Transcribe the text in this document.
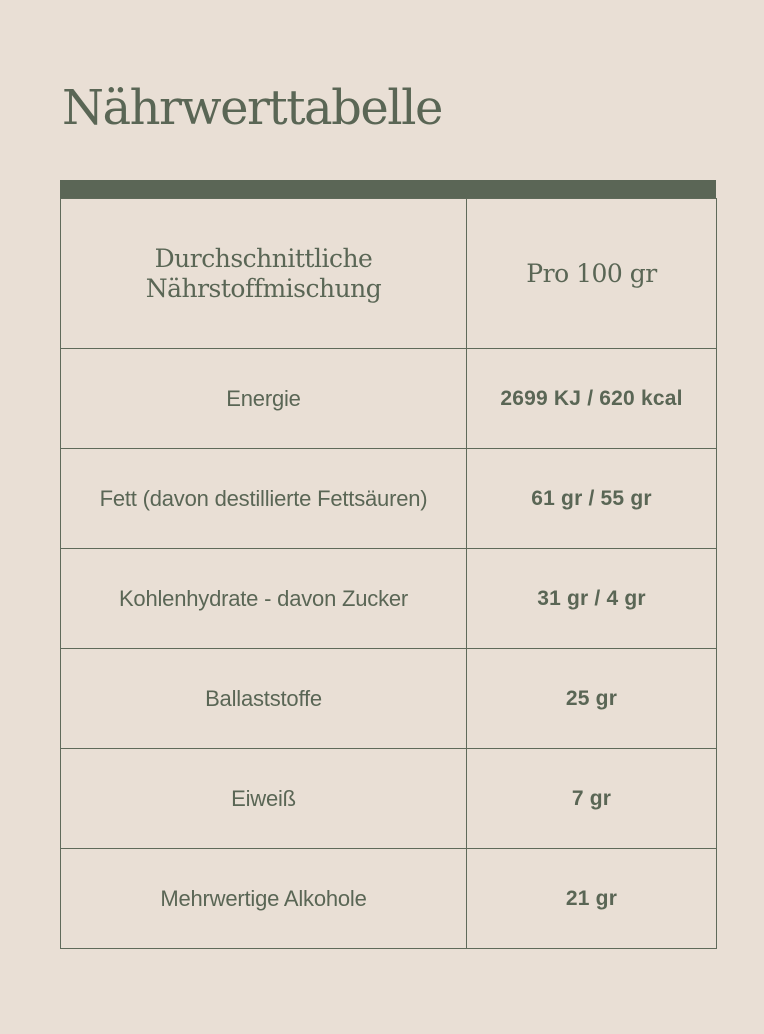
Nährwerttabelle
Durchschnittliche
Nährstoffmischung	Pro 100 gr
Energie	2699 KJ / 620 kcal
Fett (davon destillierte Fettsäuren)	61 gr / 55 gr
Kohlenhydrate - davon Zucker	31 gr / 4 gr
Ballaststoffe	25 gr
Eiweiß	7 gr
Mehrwertige Alkohole	21 gr
